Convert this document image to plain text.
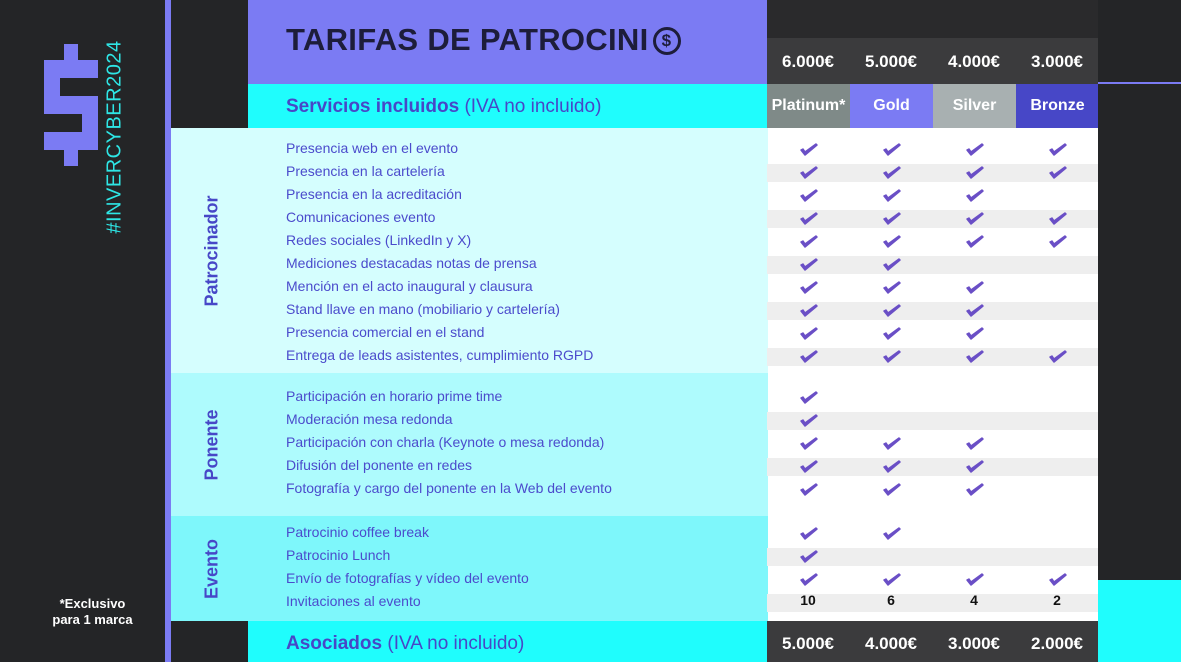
#INVERCYBER2024
*Exclusivo
para 1 marca
TARIFAS DE PATROCINI $
Servicios incluidos (IVA no incluido)
6.000€
Platinum*
5.000€
Gold
4.000€
Silver
3.000€
Bronze
Patrocinador
Ponente
Evento
Presencia web en el evento
Presencia en la cartelería
Presencia en la acreditación
Comunicaciones evento
Redes sociales (LinkedIn y X)
Mediciones destacadas notas de prensa
Mención en el acto inaugural y clausura
Stand llave en mano (mobiliario y cartelería)
Presencia comercial en el stand
Entrega de leads asistentes, cumplimiento RGPD
Participación en horario prime time
Moderación mesa redonda
Participación con charla (Keynote o mesa redonda)
Difusión del ponente en redes
Fotografía y cargo del ponente en la Web del evento
Patrocinio coffee break
Patrocinio Lunch
Envío de fotografías y vídeo del evento
Invitaciones al evento
Asociados (IVA no incluido)	5.000€
10
4.000€
6
3.000€
4
2.000€
2
